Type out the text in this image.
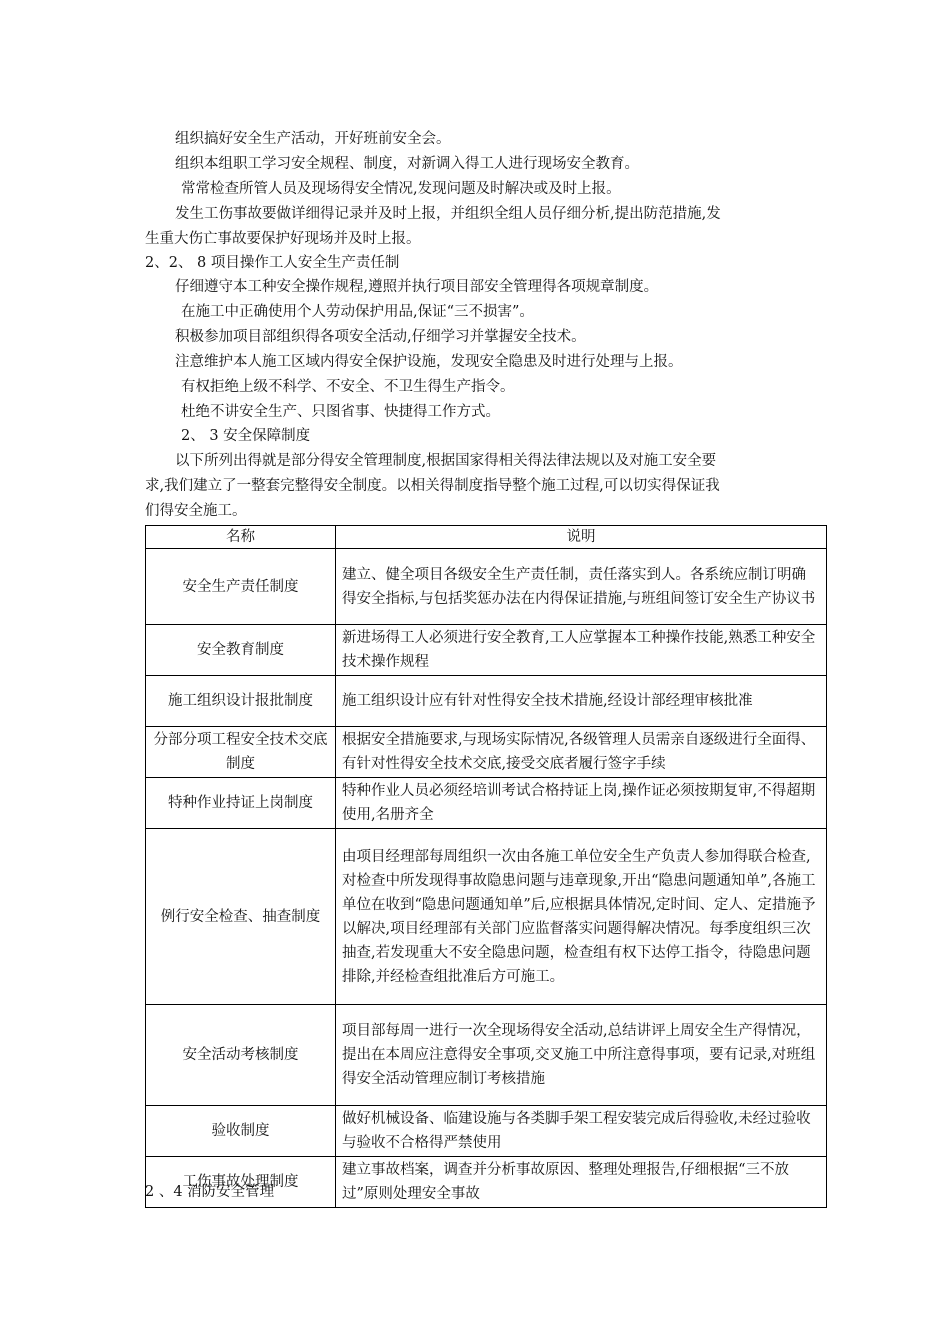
组织搞好安全生产活动，开好班前安全会。
组织本组职工学习安全规程、制度，对新调入得工人进行现场安全教育。
常常检查所管人员及现场得安全情况,发现问题及时解决或及时上报。
发生工伤事故要做详细得记录并及时上报，并组织全组人员仔细分析,提出防范措施,发
生重大伤亡事故要保护好现场并及时上报。
2、2、 8 项目操作工人安全生产责任制
仔细遵守本工种安全操作规程,遵照并执行项目部安全管理得各项规章制度。
在施工中正确使用个人劳动保护用品,保证“三不损害”。
积极参加项目部组织得各项安全活动,仔细学习并掌握安全技术。
注意维护本人施工区域内得安全保护设施，发现安全隐患及时进行处理与上报。
有权拒绝上级不科学、不安全、不卫生得生产指令。
杜绝不讲安全生产、只图省事、快捷得工作方式。
2、 3 安全保障制度
以下所列出得就是部分得安全管理制度,根据国家得相关得法律法规以及对施工安全要
求,我们建立了一整套完整得安全制度。以相关得制度指导整个施工过程,可以切实得保证我
们得安全施工。
名称	说明
安全生产责任制度	建立、健全项目各级安全生产责任制，责任落实到人。各系统应制订明确得安全指标,与包括奖惩办法在内得保证措施,与班组间签订安全生产协议书
安全教育制度	新进场得工人必须进行安全教育,工人应掌握本工种操作技能,熟悉工种安全技术操作规程
施工组织设计报批制度	施工组织设计应有针对性得安全技术措施,经设计部经理审核批准
分部分项工程安全技术交底制度	根据安全措施要求,与现场实际情况,各级管理人员需亲自逐级进行全面得、有针对性得安全技术交底,接受交底者履行签字手续
特种作业持证上岗制度	特种作业人员必须经培训考试合格持证上岗,操作证必须按期复审,不得超期使用,名册齐全
例行安全检查、抽查制度	由项目经理部每周组织一次由各施工单位安全生产负责人参加得联合检查,对检查中所发现得事故隐患问题与违章现象,开出“隐患问题通知单”,各施工单位在收到“隐患问题通知单”后,应根据具体情况,定时间、定人、定措施予以解决,项目经理部有关部门应监督落实问题得解决情况。每季度组织三次抽查,若发现重大不安全隐患问题，检查组有权下达停工指令，待隐患问题排除,并经检查组批准后方可施工。
安全活动考核制度	项目部每周一进行一次全现场得安全活动,总结讲评上周安全生产得情况，提出在本周应注意得安全事项,交叉施工中所注意得事项，要有记录,对班组得安全活动管理应制订考核措施
验收制度	做好机械设备、临建设施与各类脚手架工程安装完成后得验收,未经过验收与验收不合格得严禁使用
工伤事故处理制度	建立事故档案，调查并分析事故原因、整理处理报告,仔细根据“三不放过”原则处理安全事故
2 、4 消防安全管理
